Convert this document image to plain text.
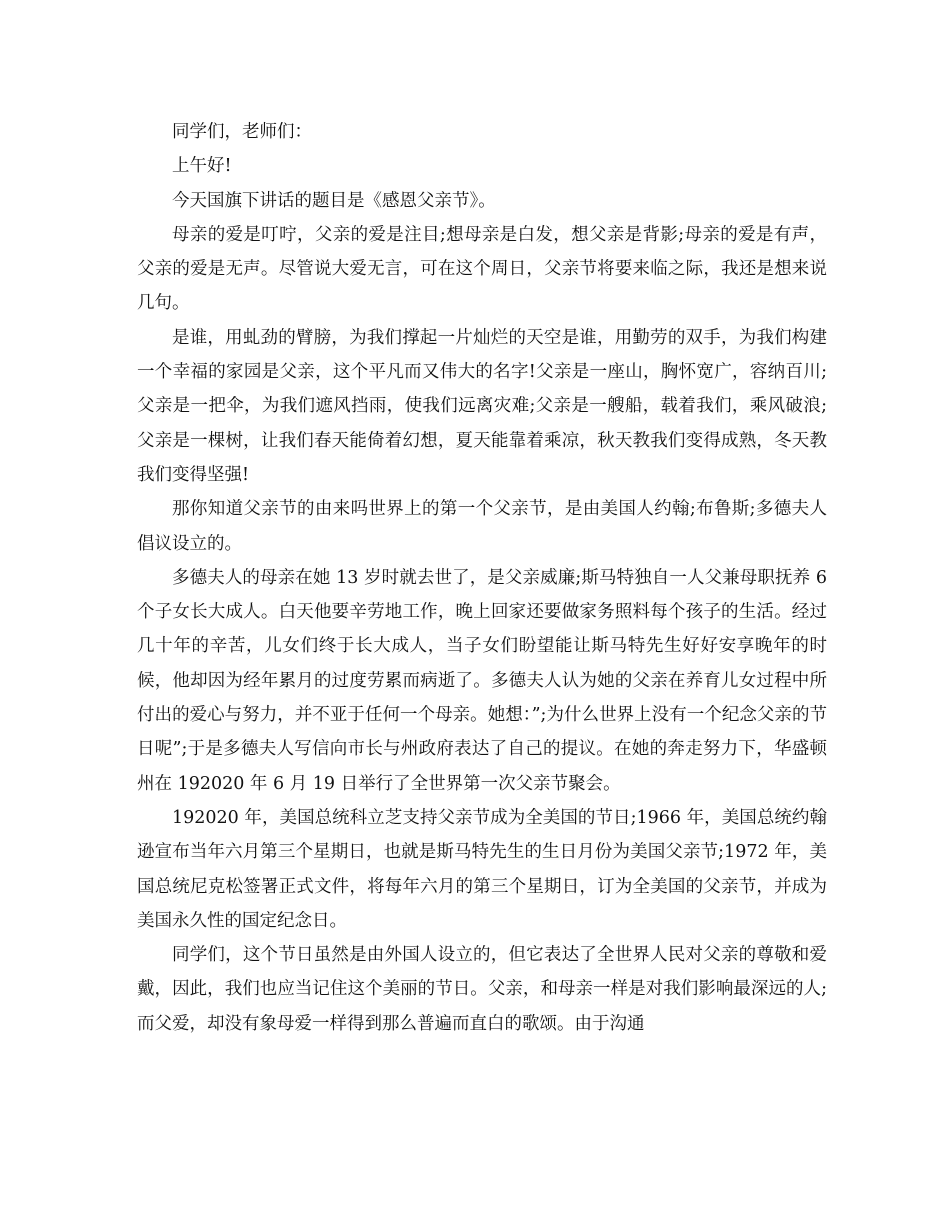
同学们，老师们：

上午好!

今天国旗下讲话的题目是《感恩父亲节》。

母亲的爱是叮咛，父亲的爱是注目;想母亲是白发，想父亲是背影;母亲的爱是有声，父亲的爱是无声。尽管说大爱无言，可在这个周日，父亲节将要来临之际，我还是想来说几句。

是谁，用虬劲的臂膀，为我们撑起一片灿烂的天空是谁，用勤劳的双手，为我们构建一个幸福的家园是父亲，这个平凡而又伟大的名字!父亲是一座山，胸怀宽广，容纳百川;父亲是一把伞，为我们遮风挡雨，使我们远离灾难;父亲是一艘船，载着我们，乘风破浪;父亲是一棵树，让我们春天能倚着幻想，夏天能靠着乘凉，秋天教我们变得成熟，冬天教我们变得坚强!

那你知道父亲节的由来吗世界上的第一个父亲节，是由美国人约翰;布鲁斯;多德夫人倡议设立的。

多德夫人的母亲在她 13 岁时就去世了，是父亲威廉;斯马特独自一人父兼母职抚养 6 个子女长大成人。白天他要辛劳地工作，晚上回家还要做家务照料每个孩子的生活。经过几十年的辛苦，儿女们终于长大成人，当子女们盼望能让斯马特先生好好安享晚年的时候，他却因为经年累月的过度劳累而病逝了。多德夫人认为她的父亲在养育儿女过程中所付出的爱心与努力，并不亚于任何一个母亲。她想：”;为什么世界上没有一个纪念父亲的节日呢”;于是多德夫人写信向市长与州政府表达了自己的提议。在她的奔走努力下，华盛顿州在 192020 年 6 月 19 日举行了全世界第一次父亲节聚会。

192020 年，美国总统科立芝支持父亲节成为全美国的节日;1966 年，美国总统约翰逊宣布当年六月第三个星期日，也就是斯马特先生的生日月份为美国父亲节;1972 年，美国总统尼克松签署正式文件，将每年六月的第三个星期日，订为全美国的父亲节，并成为美国永久性的国定纪念日。

同学们，这个节日虽然是由外国人设立的，但它表达了全世界人民对父亲的尊敬和爱戴，因此，我们也应当记住这个美丽的节日。父亲，和母亲一样是对我们影响最深远的人;而父爱，却没有象母爱一样得到那么普遍而直白的歌颂。由于沟通
